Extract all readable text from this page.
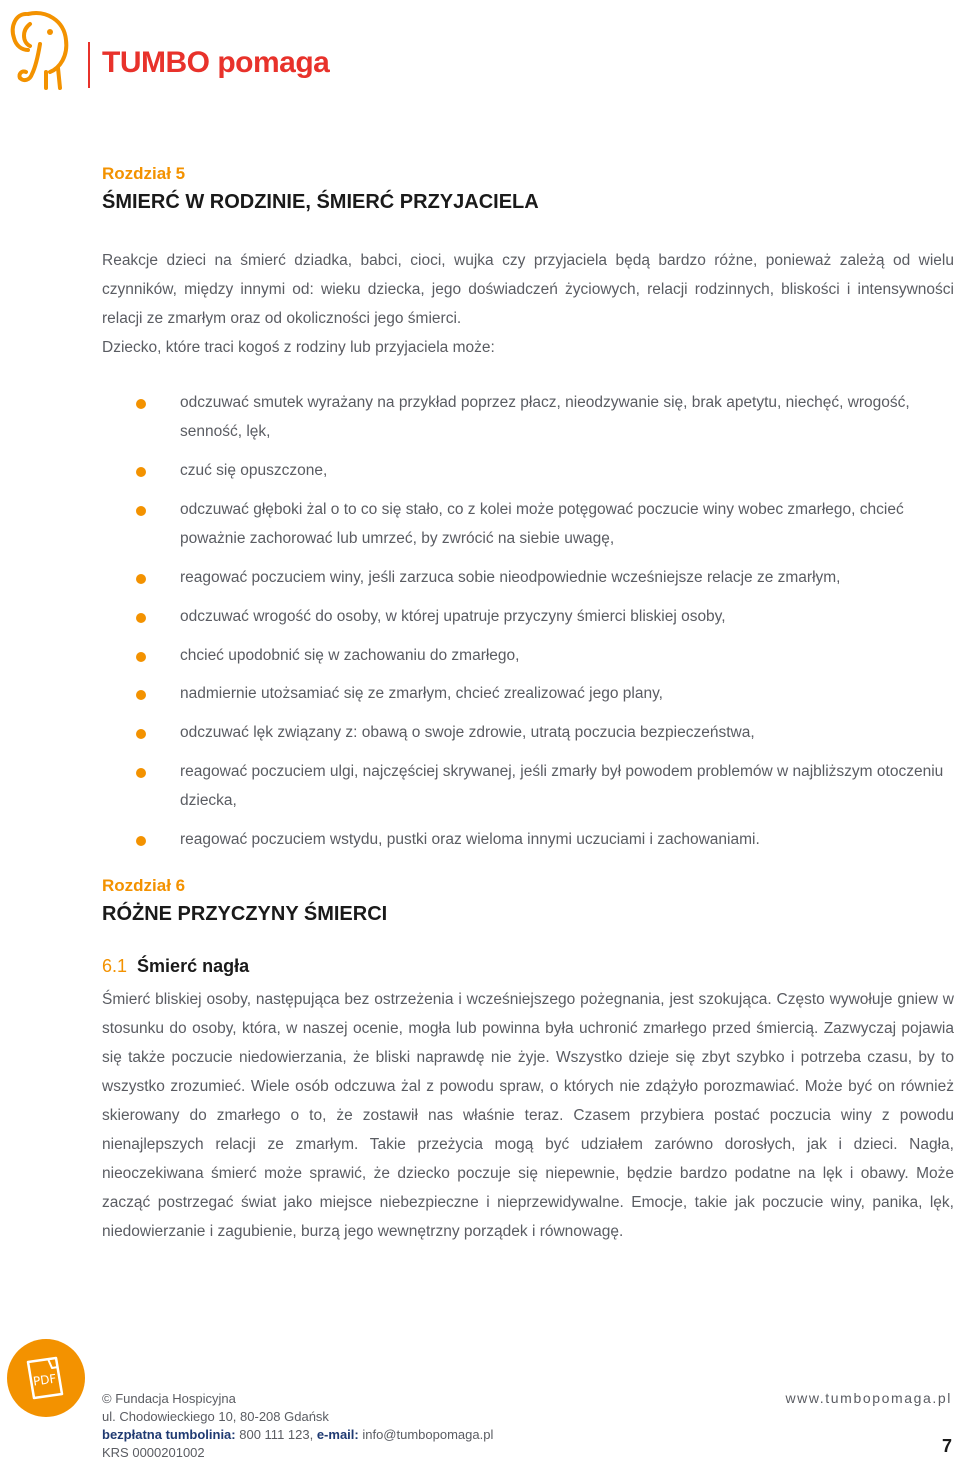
TUMBO pomaga
Rozdział 5
ŚMIERĆ W RODZINIE, ŚMIERĆ PRZYJACIELA
Reakcje dzieci na śmierć dziadka, babci, cioci, wujka czy przyjaciela będą bardzo różne, ponieważ zależą od wielu czynników, między innymi od: wieku dziecka, jego doświadczeń życiowych, relacji rodzinnych, bliskości i intensywności relacji ze zmarłym oraz od okoliczności jego śmierci.
Dziecko, które traci kogoś z rodziny lub przyjaciela może:
odczuwać smutek wyrażany na przykład poprzez płacz, nieodzywanie się, brak apetytu, niechęć, wrogość, senność, lęk,
czuć się opuszczone,
odczuwać głęboki żal o to co się stało, co z kolei może potęgować poczucie winy wobec zmarłego, chcieć poważnie zachorować lub umrzeć, by zwrócić na siebie uwagę,
reagować poczuciem winy, jeśli zarzuca sobie nieodpowiednie wcześniejsze relacje ze zmarłym,
odczuwać wrogość do osoby, w której upatruje przyczyny śmierci bliskiej osoby,
chcieć upodobnić się w zachowaniu do zmarłego,
nadmiernie utożsamiać się ze zmarłym, chcieć zrealizować jego plany,
odczuwać lęk związany z: obawą o swoje zdrowie, utratą poczucia bezpieczeństwa,
reagować poczuciem ulgi, najczęściej skrywanej, jeśli zmarły był powodem problemów w najbliższym otoczeniu dziecka,
reagować poczuciem wstydu, pustki oraz wieloma innymi uczuciami i zachowaniami.
Rozdział 6
RÓŻNE PRZYCZYNY ŚMIERCI
6.1 Śmierć nagła
Śmierć bliskiej osoby, następująca bez ostrzeżenia i wcześniejszego pożegnania, jest szokująca. Często wywołuje gniew w stosunku do osoby, która, w naszej ocenie, mogła lub powinna była uchronić zmarłego przed śmiercią. Zazwyczaj pojawia się także poczucie niedowierzania, że bliski naprawdę nie żyje. Wszystko dzieje się zbyt szybko i potrzeba czasu, by to wszystko zrozumieć. Wiele osób odczuwa żal z powodu spraw, o których nie zdążyło porozmawiać. Może być on również skierowany do zmarłego o to, że zostawił nas właśnie teraz. Czasem przybiera postać poczucia winy z powodu nienajlepszych relacji ze zmarłym. Takie przeżycia mogą być udziałem zarówno dorosłych, jak i dzieci. Nagła, nieoczekiwana śmierć może sprawić, że dziecko poczuje się niepewnie, będzie bardzo podatne na lęk i obawy. Może zacząć postrzegać świat jako miejsce niebezpieczne i nieprzewidywalne. Emocje, takie jak poczucie winy, panika, lęk, niedowierzanie i zagubienie, burzą jego wewnętrzny porządek i równowagę.
PDF
© Fundacja Hospicyjna
ul. Chodowieckiego 10, 80-208 Gdańsk
bezpłatna tumbolinia: 800 111 123, e-mail: info@tumbopomaga.pl
KRS 0000201002
www.tumbopomaga.pl
7
